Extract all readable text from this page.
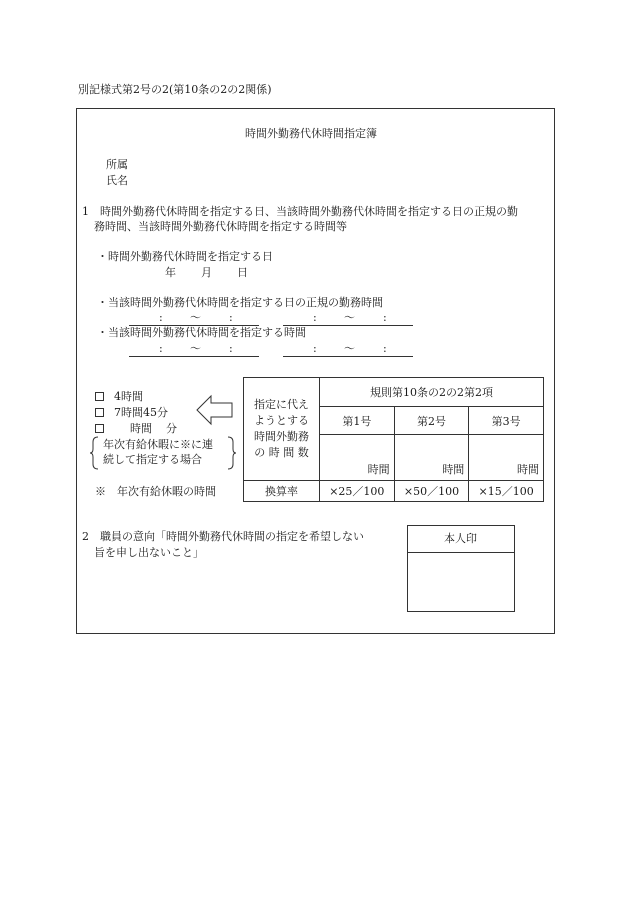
別記様式第2号の2(第10条の2の2関係)
時間外勤務代休時間指定簿
所属
氏名
1　時間外勤務代休時間を指定する日、当該時間外勤務代休時間を指定する日の正規の勤
務時間、当該時間外勤務代休時間を指定する時間等
・時間外勤務代休時間を指定する日
年 月 日
・当該時間外勤務代休時間を指定する日の正規の勤務時間
: 〜	:	: 〜	:
・当該時間外勤務代休時間を指定する時間
: 〜	:	: 〜	:
4時間
7時間45分
時間 分
年次有給休暇に※に連
続して指定する場合
※　年次有給休暇の時間
指定に代え
ようとする
時間外勤務
の 時 間 数	規則第10条の2の2第2項		
	第1号	第2号	第3号
	時間	時間	時間
換算率	×25／100	×50／100	×15／100
2　職員の意向「時間外勤務代休時間の指定を希望しない
旨を申し出ないこと」
本人印
